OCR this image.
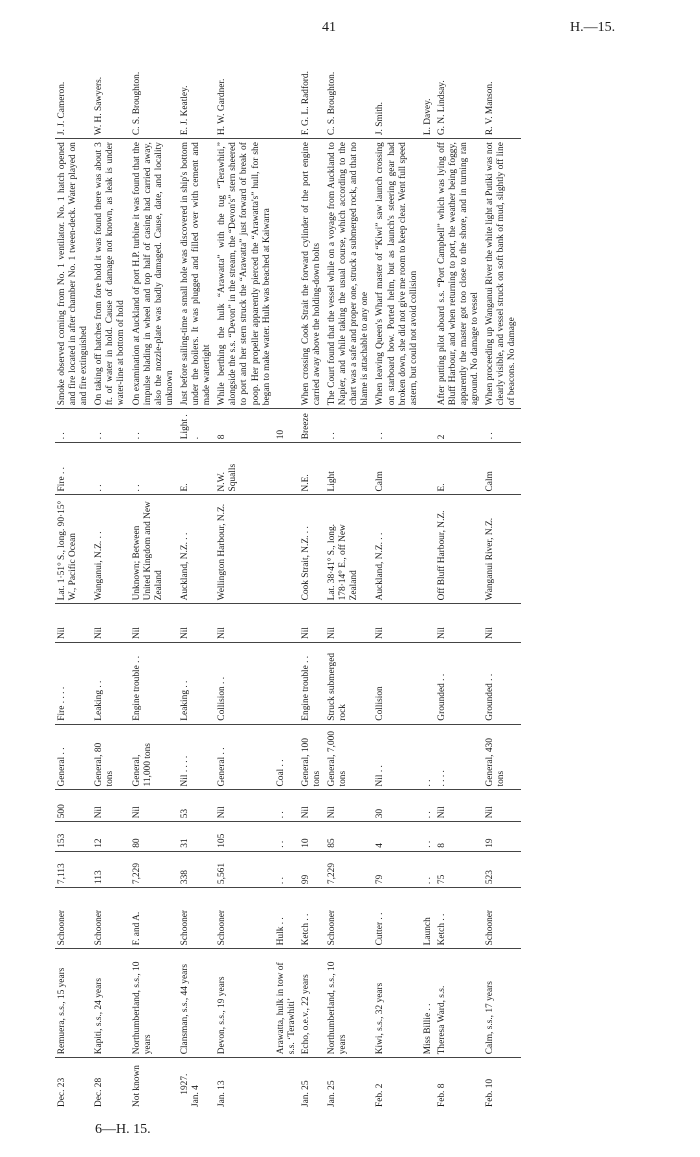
41	H.—15.
Dec. 23	Remuera, s.s., 15 years	Schooner	7,113	153	500	General . .	Fire . . . .	Nil	Lat. 1·51° S., long. 90·15° W., Pacific Ocean	Fire . .	. .	Smoke observed coming from No. 1 ventilator. No. 1 hatch opened and fire located in after chamber No. 1 tween-deck. Water played on and fire extinguished	J. J. Cameron.

Dec. 28	Kapiti, s.s., 24 years	Schooner	113	12	Nil	General, 80 tons	Leaking . .	Nil	Wanganui, N.Z. . .	. .	. .	On taking off hatches from fore hold it was found there was about 3 ft. of water in hold. Cause of damage not known, as leak is under water-line at bottom of hold	W. H. Sawyers.

Not known	Northumberland, s.s., 10 years	F. and A.	7,229	80	Nil	General, 11,000 tons	Engine trouble . .	Nil	Unknown; Between United Kingdom and New Zealand	. .	. .	On examination at Auckland of port H.P. turbine it was found that the impulse blading in wheel and top half of casing had carried away, also the nozzle-plate was badly damaged. Cause, date, and locality unknown	C. S. Broughton.

1927.
Jan. 4	Clansman, s.s., 44 years	Schooner	338	31	53	Nil . . . .	Leaking . .	Nil	Auckland, N.Z. . .	E.	Light . .	Just before sailing-time a small hole was discovered in ship's bottom under the boilers. It was plugged and filled over with cement and made watertight	E. J. Keatley.

Jan. 13	Devon, s.s., 19 years	Schooner	5,561	105	Nil	General . .	Collision . .	Nil	Wellington Harbour, N.Z.	N.W. Squalls	8	While berthing the hulk “Arawatta” with the tug “Terawhiti,” alongside the s.s. “Devon” in the stream, the “Devon's” stern sheered to port and her stern struck the “Arawatta” just forward of break of poop. Her propeller apparently pierced the “Arawatta's” hull, for she began to make water. Hulk was beached at Kaiwarra	H. W. Gardner.

	Arawatta, hulk in tow of s.s. ‘Terawhiti’	Hulk . .	. .	. .	. .	Coal . .					10		

Jan. 25	Echo, o.e.v., 22 years	Ketch . .	99	10	Nil	General, 100 tons	Engine trouble . .	Nil	Cook Strait, N.Z. . .	N.E.	Breeze	When crossing Cook Strait the forward cylinder of the port engine carried away above the holding-down bolts	F. G. L. Radford.

Jan. 25	Northumberland, s.s., 10 years	Schooner	7,229	85	Nil	General, 7,000 tons	Struck submerged rock	Nil	Lat. 38·41° S., long. 178·14° E., off New Zealand	Light	. .	The Court found that the vessel while on a voyage from Auckland to Napier, and while taking the usual course, which according to the chart was a safe and proper one, struck a submerged rock, and that no blame is attachable to any one	C. S. Broughton.

Feb. 2	Kiwi, s.s., 32 years	Cutter . .	79	4	30	Nil . .	Collision	Nil	Auckland, N.Z. . .	Calm	. .	When leaving Queen's Wharf master of “Kiwi” saw launch crossing on starboard bow. Ported helm, but as launch's steering gear had broken down, she did not give me room to keep clear. Went full speed astern, but could not avoid collision	J. Smith.

	Miss Billie . .	Launch	. .	. .	. .	. .							L. Davey.

Feb. 8	Theresa Ward, s.s.	Ketch . .	75	8	Nil	. . . .	Grounded . .	Nil	Off Bluff Harbour, N.Z.	E.	2	After putting pilot aboard s.s. “Port Campbell” which was lying off Bluff Harbour, and when returning to port, the weather being foggy, apparently the master got too close to the shore, and in turning ran aground. No damage to vessel	G. N. Lindsay.

Feb. 10	Calm, s.s., 17 years	Schooner	523	19	Nil	General, 430 tons	Grounded . .	Nil	Wanganui River, N.Z.	Calm	. .	When proceeding up Wanganui River the white light at Putiki was not clearly visible, and vessel struck on soft bank of mud, slightly off line of beacons. No damage	R. V. Manson.
6—H. 15.
